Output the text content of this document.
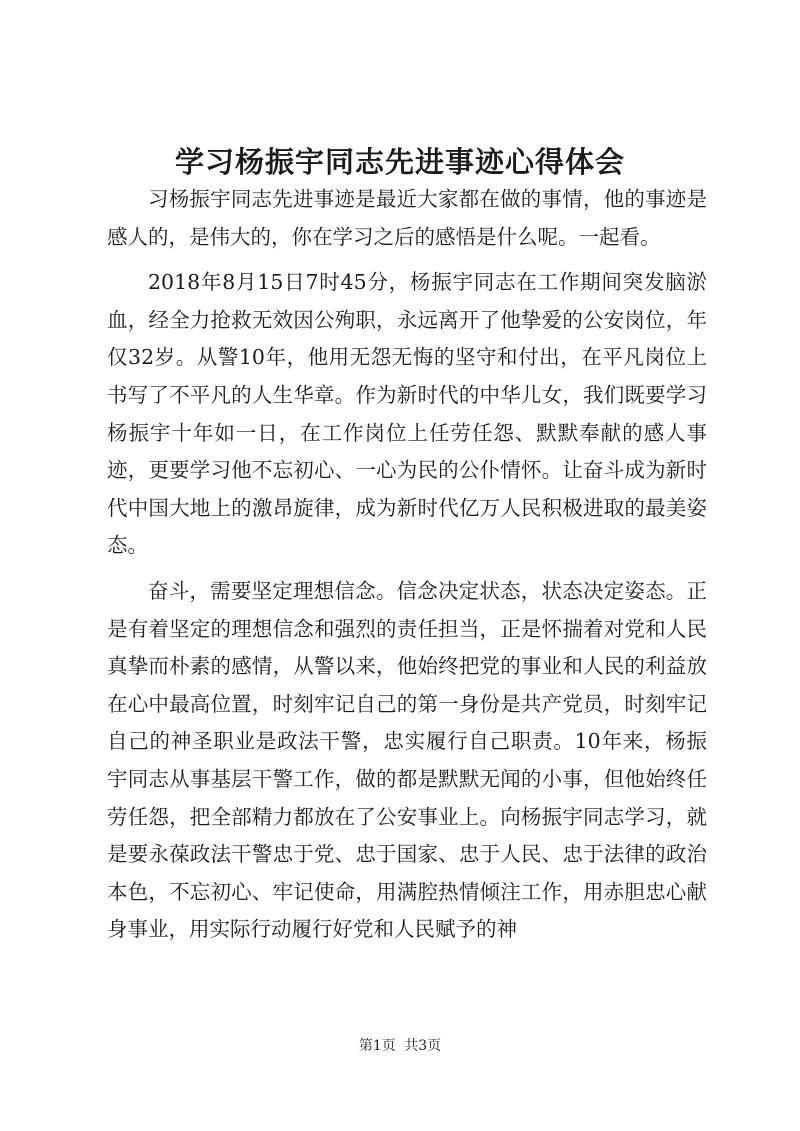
学习杨振宇同志先进事迹心得体会

习杨振宇同志先进事迹是最近大家都在做的事情，他的事迹是感人的，是伟大的，你在学习之后的感悟是什么呢。一起看。

2018年8月15日7时45分，杨振宇同志在工作期间突发脑淤血，经全力抢救无效因公殉职，永远离开了他挚爱的公安岗位，年仅32岁。从警10年，他用无怨无悔的坚守和付出，在平凡岗位上书写了不平凡的人生华章。作为新时代的中华儿女，我们既要学习杨振宇十年如一日，在工作岗位上任劳任怨、默默奉献的感人事迹，更要学习他不忘初心、一心为民的公仆情怀。让奋斗成为新时代中国大地上的激昂旋律，成为新时代亿万人民积极进取的最美姿态。

奋斗，需要坚定理想信念。信念决定状态，状态决定姿态。正是有着坚定的理想信念和强烈的责任担当，正是怀揣着对党和人民真挚而朴素的感情，从警以来，他始终把党的事业和人民的利益放在心中最高位置，时刻牢记自己的第一身份是共产党员，时刻牢记自己的神圣职业是政法干警，忠实履行自己职责。10年来，杨振宇同志从事基层干警工作，做的都是默默无闻的小事，但他始终任劳任怨，把全部精力都放在了公安事业上。向杨振宇同志学习，就是要永葆政法干警忠于党、忠于国家、忠于人民、忠于法律的政治本色，不忘初心、牢记使命，用满腔热情倾注工作，用赤胆忠心献身事业，用实际行动履行好党和人民赋予的神

第1页 共3页
